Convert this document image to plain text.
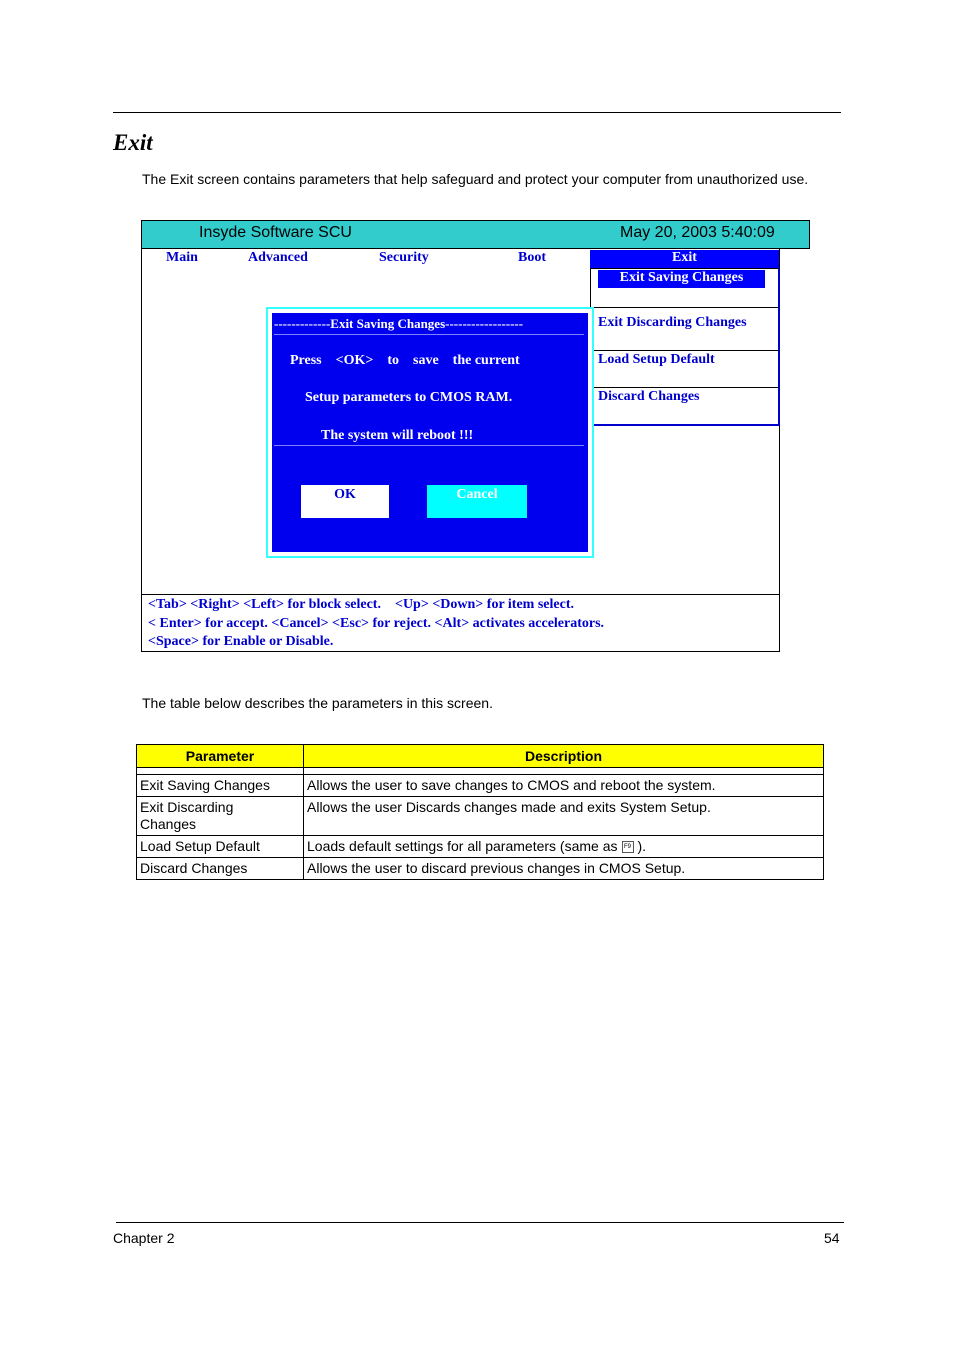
Exit
The Exit screen contains parameters that help safeguard and protect your computer from unauthorized use.
Insyde Software SCU	May 20, 2003 5:40:09
Main	Advanced	Security	Boot	Exit
Exit Saving Changes
Exit Discarding Changes
Load Setup Default
Discard Changes
-------------Exit Saving Changes------------------
Press    <OK>    to    save    the current
Setup parameters to CMOS RAM.
The system will reboot !!!
OK	Cancel
<Tab> <Right> <Left> for block select.    <Up> <Down> for item select.
< Enter> for accept. <Cancel> <Esc> for reject. <Alt> activates accelerators.
<Space> for Enable or Disable.
The table below describes the parameters in this screen.
Parameter	Description

Exit Saving Changes	Allows the user to save changes to CMOS and reboot the system.
Exit Discarding Changes	Allows the user Discards changes made and exits System Setup.
Load Setup Default	Loads default settings for all parameters (same as F9 ).
Discard Changes	Allows the user to discard previous changes in CMOS Setup.
Chapter 2	54
